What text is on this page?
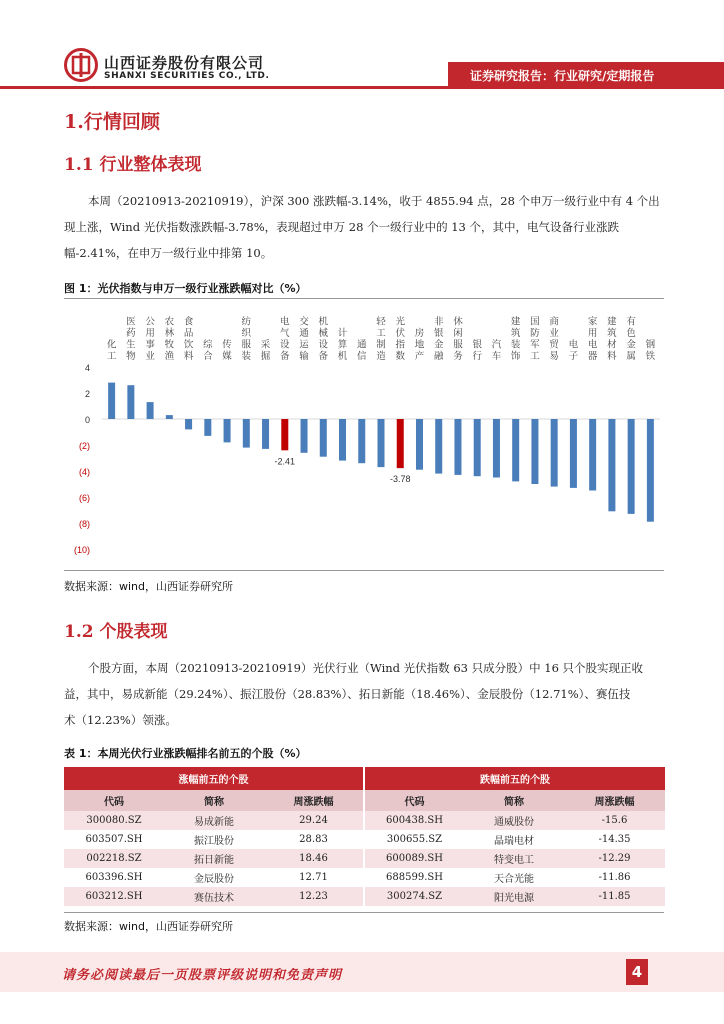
山西证券股份有限公司
SHANXI SECURITIES CO., LTD.	证券研究报告：行业研究/定期报告
1.行情回顾
1.1 行业整体表现
本周（20210913-20210919），沪深 300 涨跌幅-3.14%，收于 4855.94 点，28 个申万一级行业中有 4 个出
现上涨，Wind 光伏指数涨跌幅-3.78%，表现超过申万 28 个一级行业中的 13 个，其中，电气设备行业涨跌
幅-2.41%，在申万一级行业中排第 10。
图 1：光伏指数与申万一级行业涨跌幅对比（%）
4
2
0
(2)
(4)
(6)
(8)
(10)
化工
医药生物
公用事业
农林牧渔
食品饮料
综合
传媒
纺织服装
采掘
电气设备
-2.41
交通运输
机械设备
计算机
通信
轻工制造
光伏指数
-3.78
房地产
非银金融
休闲服务
银行
汽车
建筑装饰
国防军工
商业贸易
电子
家用电器
建筑材料
有色金属
钢铁
数据来源：wind，山西证券研究所
1.2 个股表现
个股方面，本周（20210913-20210919）光伏行业（Wind 光伏指数 63 只成分股）中 16 只个股实现正收
益，其中，易成新能（29.24%）、振江股份（28.83%）、拓日新能（18.46%）、金辰股份（12.71%）、赛伍技
术（12.23%）领涨。
表 1：本周光伏行业涨跌幅排名前五的个股（%）
涨幅前五的个股			跌幅前五的个股		
代码	简称	周涨跌幅	代码	简称	周涨跌幅
300080.SZ	易成新能	29.24	600438.SH	通威股份	-15.6
603507.SH	振江股份	28.83	300655.SZ	晶瑞电材	-14.35
002218.SZ	拓日新能	18.46	600089.SH	特变电工	-12.29
603396.SH	金辰股份	12.71	688599.SH	天合光能	-11.86
603212.SH	赛伍技术	12.23	300274.SZ	阳光电源	-11.85
数据来源：wind，山西证券研究所
请务必阅读最后一页股票评级说明和免责声明	4
